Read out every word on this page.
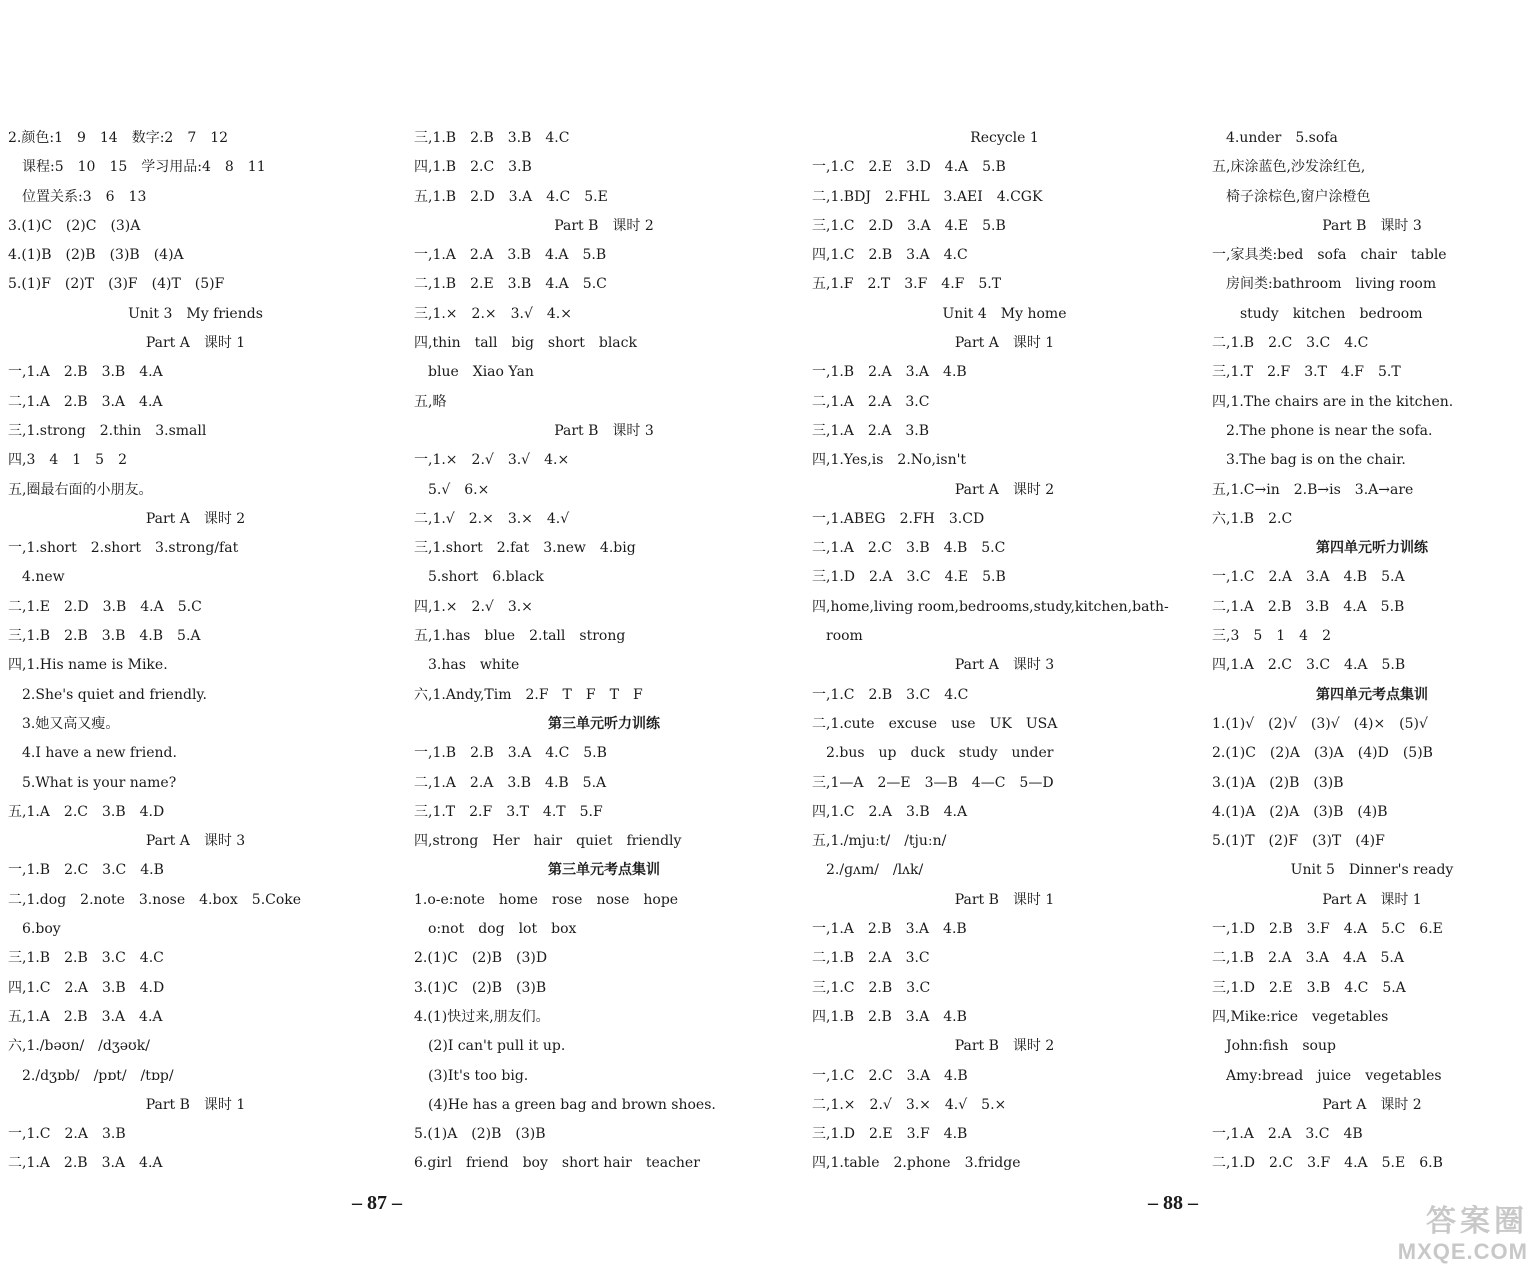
2.颜色:1　9　14　数字:2　7　12
　课程:5　10　15　学习用品:4　8　11
　位置关系:3　6　13
3.(1)C　(2)C　(3)A
4.(1)B　(2)B　(3)B　(4)A
5.(1)F　(2)T　(3)F　(4)T　(5)F
Unit 3　My friends
Part A　课时 1
一,1.A　2.B　3.B　4.A
二,1.A　2.B　3.A　4.A
三,1.strong　2.thin　3.small
四,3　4　1　5　2
五,圈最右面的小朋友。
Part A　课时 2
一,1.short　2.short　3.strong/fat
　4.new
二,1.E　2.D　3.B　4.A　5.C
三,1.B　2.B　3.B　4.B　5.A
四,1.His name is Mike.
　2.She's quiet and friendly.
　3.她又高又瘦。
　4.I have a new friend.
　5.What is your name?
五,1.A　2.C　3.B　4.D
Part A　课时 3
一,1.B　2.C　3.C　4.B
二,1.dog　2.note　3.nose　4.box　5.Coke
　6.boy
三,1.B　2.B　3.C　4.C
四,1.C　2.A　3.B　4.D
五,1.A　2.B　3.A　4.A
六,1./bəʊn/　/dʒəʊk/
　2./dʒɒb/　/pɒt/　/tɒp/
Part B　课时 1
一,1.C　2.A　3.B
二,1.A　2.B　3.A　4.A
三,1.B　2.B　3.B　4.C
四,1.B　2.C　3.B
五,1.B　2.D　3.A　4.C　5.E
Part B　课时 2
一,1.A　2.A　3.B　4.A　5.B
二,1.B　2.E　3.B　4.A　5.C
三,1.×　2.×　3.√　4.×
四,thin　tall　big　short　black
　blue　Xiao Yan
五,略
Part B　课时 3
一,1.×　2.√　3.√　4.×
　5.√　6.×
二,1.√　2.×　3.×　4.√
三,1.short　2.fat　3.new　4.big
　5.short　6.black
四,1.×　2.√　3.×
五,1.has　blue　2.tall　strong
　3.has　white
六,1.Andy,Tim　2.F　T　F　T　F
第三单元听力训练
一,1.B　2.B　3.A　4.C　5.B
二,1.A　2.A　3.B　4.B　5.A
三,1.T　2.F　3.T　4.T　5.F
四,strong　Her　hair　quiet　friendly
第三单元考点集训
1.o-e:note　home　rose　nose　hope
　o:not　dog　lot　box
2.(1)C　(2)B　(3)D
3.(1)C　(2)B　(3)B
4.(1)快过来,朋友们。
　(2)I can't pull it up.
　(3)It's too big.
　(4)He has a green bag and brown shoes.
5.(1)A　(2)B　(3)B
6.girl　friend　boy　short hair　teacher
Recycle 1
一,1.C　2.E　3.D　4.A　5.B
二,1.BDJ　2.FHL　3.AEI　4.CGK
三,1.C　2.D　3.A　4.E　5.B
四,1.C　2.B　3.A　4.C
五,1.F　2.T　3.F　4.F　5.T
Unit 4　My home
Part A　课时 1
一,1.B　2.A　3.A　4.B
二,1.A　2.A　3.C
三,1.A　2.A　3.B
四,1.Yes,is　2.No,isn't
Part A　课时 2
一,1.ABEG　2.FH　3.CD
二,1.A　2.C　3.B　4.B　5.C
三,1.D　2.A　3.C　4.E　5.B
四,home,living room,bedrooms,study,kitchen,bath-
　room
Part A　课时 3
一,1.C　2.B　3.C　4.C
二,1.cute　excuse　use　UK　USA
　2.bus　up　duck　study　under
三,1—A　2—E　3—B　4—C　5—D
四,1.C　2.A　3.B　4.A
五,1./mjuːt/　/tjuːn/
　2./ɡʌm/　/lʌk/
Part B　课时 1
一,1.A　2.B　3.A　4.B
二,1.B　2.A　3.C
三,1.C　2.B　3.C
四,1.B　2.B　3.A　4.B
Part B　课时 2
一,1.C　2.C　3.A　4.B
二,1.×　2.√　3.×　4.√　5.×
三,1.D　2.E　3.F　4.B
四,1.table　2.phone　3.fridge
　4.under　5.sofa
五,床涂蓝色,沙发涂红色,
　椅子涂棕色,窗户涂橙色
Part B　课时 3
一,家具类:bed　sofa　chair　table
　房间类:bathroom　living room
　　study　kitchen　bedroom
二,1.B　2.C　3.C　4.C
三,1.T　2.F　3.T　4.F　5.T
四,1.The chairs are in the kitchen.
　2.The phone is near the sofa.
　3.The bag is on the chair.
五,1.C→in　2.B→is　3.A→are
六,1.B　2.C
第四单元听力训练
一,1.C　2.A　3.A　4.B　5.A
二,1.A　2.B　3.B　4.A　5.B
三,3　5　1　4　2
四,1.A　2.C　3.C　4.A　5.B
第四单元考点集训
1.(1)√　(2)√　(3)√　(4)×　(5)√
2.(1)C　(2)A　(3)A　(4)D　(5)B
3.(1)A　(2)B　(3)B
4.(1)A　(2)A　(3)B　(4)B
5.(1)T　(2)F　(3)T　(4)F
Unit 5　Dinner's ready
Part A　课时 1
一,1.D　2.B　3.F　4.A　5.C　6.E
二,1.B　2.A　3.A　4.A　5.A
三,1.D　2.E　3.B　4.C　5.A
四,Mike:rice　vegetables
　John:fish　soup
　Amy:bread　juice　vegetables
Part A　课时 2
一,1.A　2.A　3.C　4B
二,1.D　2.C　3.F　4.A　5.E　6.B
– 87 –	– 88 –
答案圈
MXQE.COM
